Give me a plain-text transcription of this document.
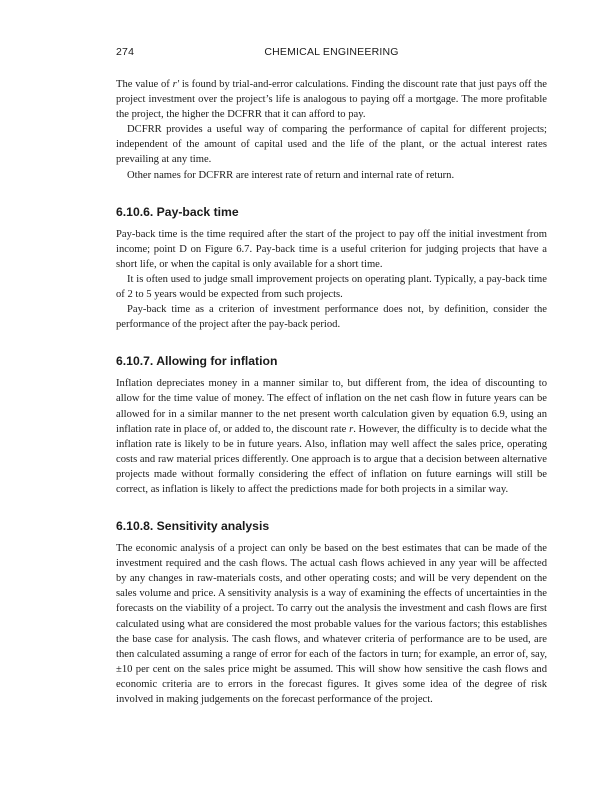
274	CHEMICAL ENGINEERING

The value of r′ is found by trial-and-error calculations. Finding the discount rate that just pays off the project investment over the project’s life is analogous to paying off a mortgage. The more profitable the project, the higher the DCFRR that it can afford to pay.

DCFRR provides a useful way of comparing the performance of capital for different projects; independent of the amount of capital used and the life of the plant, or the actual interest rates prevailing at any time.

Other names for DCFRR are interest rate of return and internal rate of return.

6.10.6. Pay-back time

Pay-back time is the time required after the start of the project to pay off the initial investment from income; point D on Figure 6.7. Pay-back time is a useful criterion for judging projects that have a short life, or when the capital is only available for a short time.

It is often used to judge small improvement projects on operating plant. Typically, a pay-back time of 2 to 5 years would be expected from such projects.

Pay-back time as a criterion of investment performance does not, by definition, consider the performance of the project after the pay-back period.

6.10.7. Allowing for inflation

Inflation depreciates money in a manner similar to, but different from, the idea of discounting to allow for the time value of money. The effect of inflation on the net cash flow in future years can be allowed for in a similar manner to the net present worth calculation given by equation 6.9, using an inflation rate in place of, or added to, the discount rate r. However, the difficulty is to decide what the inflation rate is likely to be in future years. Also, inflation may well affect the sales price, operating costs and raw material prices differently. One approach is to argue that a decision between alternative projects made without formally considering the effect of inflation on future earnings will still be correct, as inflation is likely to affect the predictions made for both projects in a similar way.

6.10.8. Sensitivity analysis

The economic analysis of a project can only be based on the best estimates that can be made of the investment required and the cash flows. The actual cash flows achieved in any year will be affected by any changes in raw-materials costs, and other operating costs; and will be very dependent on the sales volume and price. A sensitivity analysis is a way of examining the effects of uncertainties in the forecasts on the viability of a project. To carry out the analysis the investment and cash flows are first calculated using what are considered the most probable values for the various factors; this establishes the base case for analysis. The cash flows, and whatever criteria of performance are to be used, are then calculated assuming a range of error for each of the factors in turn; for example, an error of, say, ±10 per cent on the sales price might be assumed. This will show how sensitive the cash flows and economic criteria are to errors in the forecast figures. It gives some idea of the degree of risk involved in making judgements on the forecast performance of the project.
